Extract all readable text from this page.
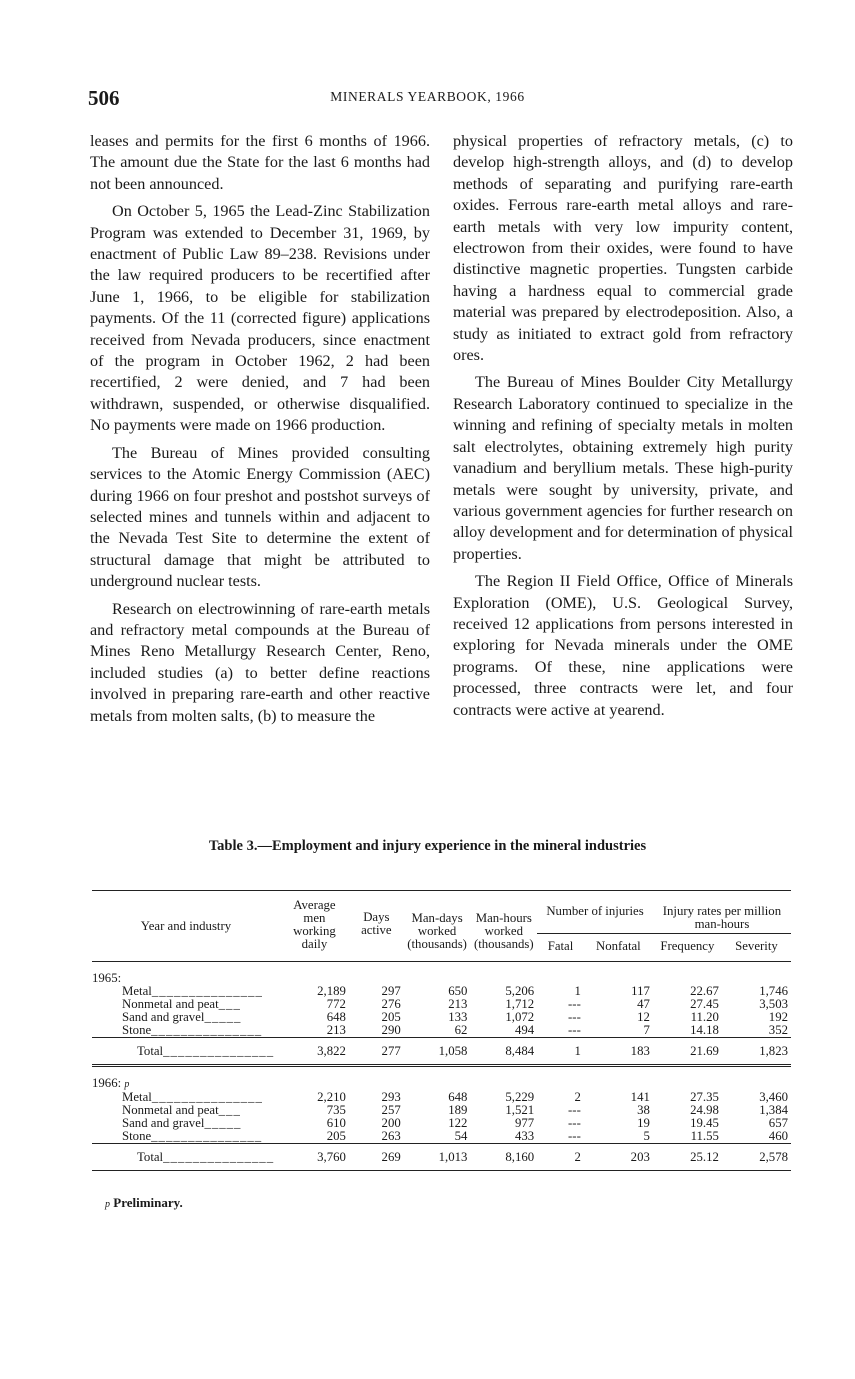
506	MINERALS YEARBOOK, 1966

leases and permits for the first 6 months of 1966. The amount due the State for the last 6 months had not been announced.

On October 5, 1965 the Lead-Zinc Stabilization Program was extended to December 31, 1969, by enactment of Public Law 89–238. Revisions under the law required producers to be recertified after June 1, 1966, to be eligible for stabilization payments. Of the 11 (corrected figure) applications received from Nevada producers, since enactment of the program in October 1962, 2 had been recertified, 2 were denied, and 7 had been withdrawn, suspended, or otherwise disqualified. No payments were made on 1966 production.

The Bureau of Mines provided consulting services to the Atomic Energy Commission (AEC) during 1966 on four preshot and postshot surveys of selected mines and tunnels within and adjacent to the Nevada Test Site to determine the extent of structural damage that might be attributed to underground nuclear tests.

Research on electrowinning of rare-earth metals and refractory metal compounds at the Bureau of Mines Reno Metallurgy Research Center, Reno, included studies (a) to better define reactions involved in preparing rare-earth and other reactive metals from molten salts, (b) to measure the

physical properties of refractory metals, (c) to develop high-strength alloys, and (d) to develop methods of separating and purifying rare-earth oxides. Ferrous rare-earth metal alloys and rare-earth metals with very low impurity content, electrowon from their oxides, were found to have distinctive magnetic properties. Tungsten carbide having a hardness equal to commercial grade material was prepared by electrodeposition. Also, a study as initiated to extract gold from refractory ores.

The Bureau of Mines Boulder City Metallurgy Research Laboratory continued to specialize in the winning and refining of specialty metals in molten salt electrolytes, obtaining extremely high purity vanadium and beryllium metals. These high-purity metals were sought by university, private, and various government agencies for further research on alloy development and for determination of physical properties.

The Region II Field Office, Office of Minerals Exploration (OME), U.S. Geological Survey, received 12 applications from persons interested in exploring for Nevada minerals under the OME programs. Of these, nine applications were processed, three contracts were let, and four contracts were active at yearend.

Table 3.—Employment and injury experience in the mineral industries
Year and industry	Average men working daily	Days active	Man-days worked (thousands)	Man-hours worked (thousands)	Number of injuries		Injury rates per million man-hours	
					Fatal	Nonfatal	Frequency	Severity
1965:								
Metal_______________	2,189	297	650	5,206	1	117	22.67	1,746
Nonmetal and peat___	772	276	213	1,712	---	47	27.45	3,503
Sand and gravel_____	648	205	133	1,072	---	12	11.20	192
Stone_______________	213	290	62	494	---	7	14.18	352
Total_______________	3,822	277	1,058	8,484	1	183	21.69	1,823
1966: p								
Metal_______________	2,210	293	648	5,229	2	141	27.35	3,460
Nonmetal and peat___	735	257	189	1,521	---	38	24.98	1,384
Sand and gravel_____	610	200	122	977	---	19	19.45	657
Stone_______________	205	263	54	433	---	5	11.55	460
Total_______________	3,760	269	1,013	8,160	2	203	25.12	2,578
p Preliminary.
